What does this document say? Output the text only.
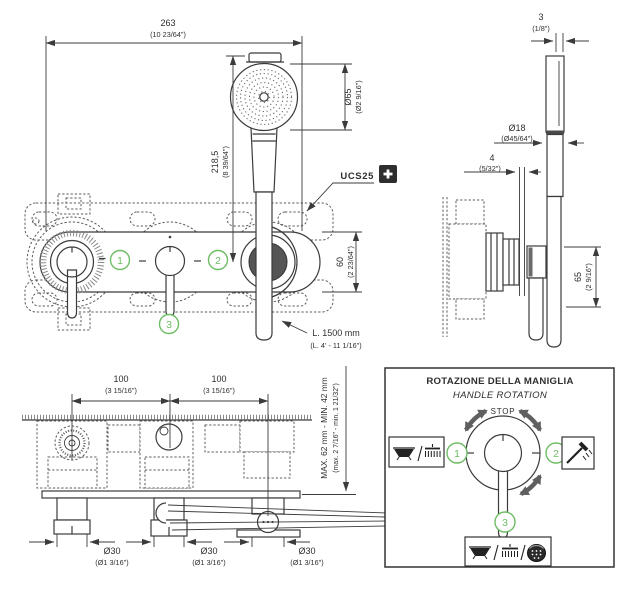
1	2
3
263
(10 23/64")
Ø65 (Ø2 9/16")
218,5 (8 39/64")
60 (2 23/64")
UCS25
L. 1500 mm
(L. 4' - 11 1/16")
3
(1/8")
Ø18
(Ø45/64")
4
(5/32")
65 (2 9/16")
100
(3 15/16")
100
(3 15/16")	MAX. 62 mm - MIN. 42 mm (max. 2 7/16" - min. 1 21/32")
Ø30
(Ø1 3/16")
Ø30
(Ø1 3/16")
Ø30
(Ø1 3/16")
ROTAZIONE DELLA MANIGLIA
HANDLE ROTATION
STOP
1	2
3
